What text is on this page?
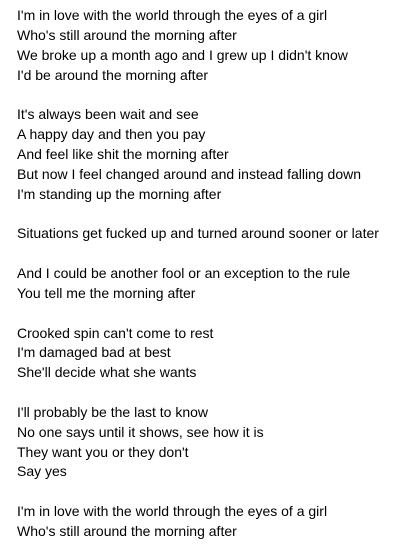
I'm in love with the world through the eyes of a girl
Who's still around the morning after
We broke up a month ago and I grew up I didn't know
I'd be around the morning after
It's always been wait and see
A happy day and then you pay
And feel like shit the morning after
But now I feel changed around and instead falling down
I'm standing up the morning after
Situations get fucked up and turned around sooner or later
And I could be another fool or an exception to the rule
You tell me the morning after
Crooked spin can't come to rest
I'm damaged bad at best
She'll decide what she wants
I'll probably be the last to know
No one says until it shows, see how it is
They want you or they don't
Say yes
I'm in love with the world through the eyes of a girl
Who's still around the morning after
